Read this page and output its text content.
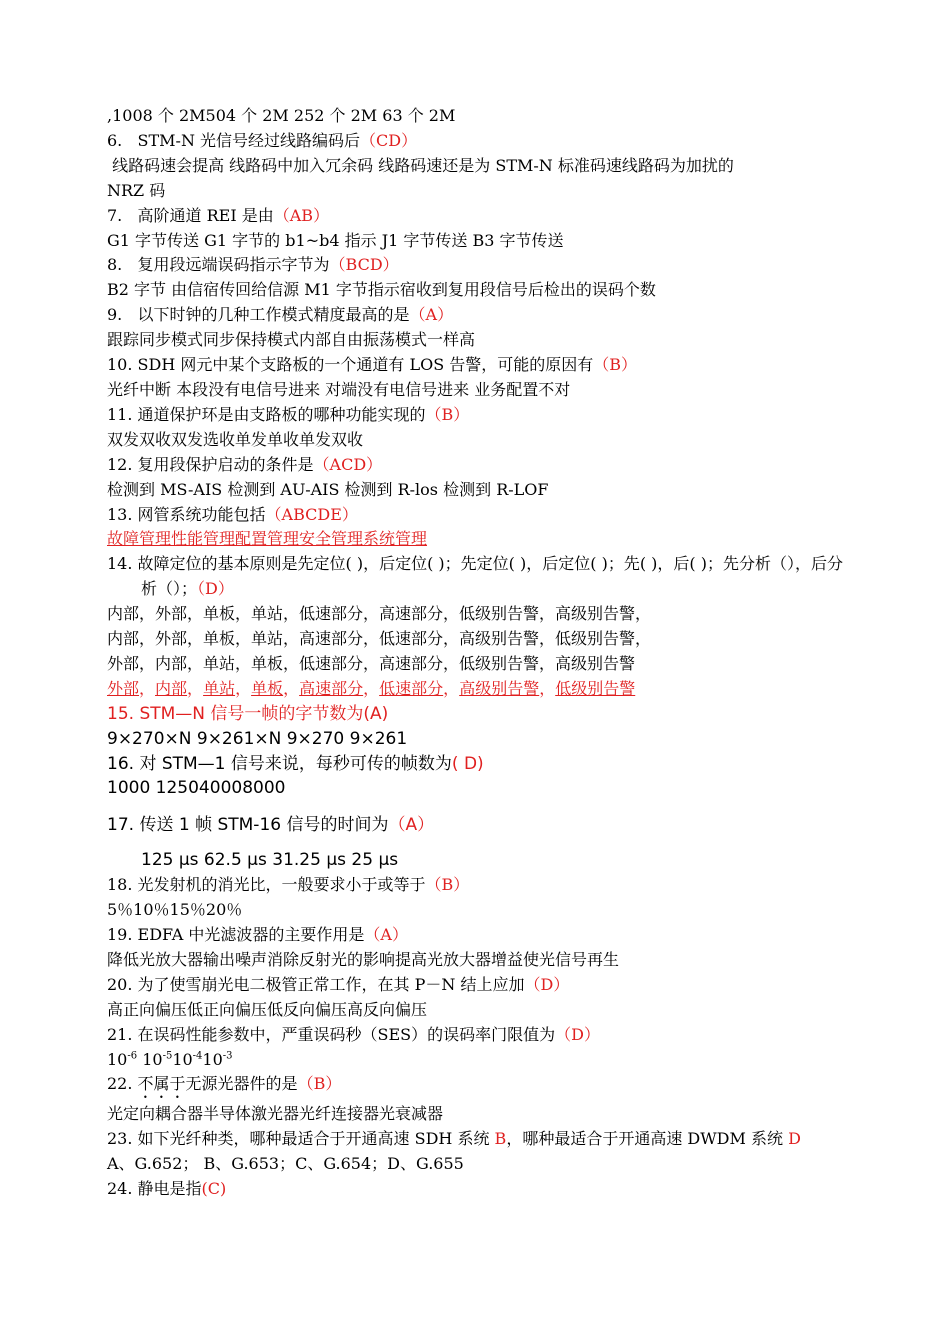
,1008 个 2M504 个 2M 252 个 2M 63 个 2M
6.   STM-N 光信号经过线路编码后（CD）
线路码速会提高 线路码中加入冗余码 线路码速还是为 STM-N 标准码速线路码为加扰的
NRZ 码
7.   高阶通道 REI 是由（AB）
G1 字节传送 G1 字节的 b1~b4 指示 J1 字节传送 B3 字节传送
8.   复用段远端误码指示字节为（BCD）
B2 字节 由信宿传回给信源 M1 字节指示宿收到复用段信号后检出的误码个数
9.   以下时钟的几种工作模式精度最高的是（A）
跟踪同步模式同步保持模式内部自由振荡模式一样高
10. SDH 网元中某个支路板的一个通道有 LOS 告警，可能的原因有（B）
光纤中断 本段没有电信号进来 对端没有电信号进来 业务配置不对
11. 通道保护环是由支路板的哪种功能实现的（B）
双发双收双发选收单发单收单发双收
12. 复用段保护启动的条件是（ACD）
检测到 MS-AIS 检测到 AU-AIS 检测到 R-los 检测到 R-LOF
13. 网管系统功能包括（ABCDE）
故障管理性能管理配置管理安全管理系统管理
14. 故障定位的基本原则是先定位( )，后定位( )；先定位( )，后定位( )；先( )，后( )；先分析（），后分析（）；（D）
内部，外部，单板，单站，低速部分，高速部分，低级别告警，高级别告警，
内部，外部，单板，单站，高速部分，低速部分，高级别告警，低级别告警，
外部，内部，单站，单板，低速部分，高速部分，低级别告警，高级别告警
外部，内部，单站，单板，高速部分，低速部分，高级别告警，低级别告警
15. STM—N 信号一帧的字节数为(A)
9×270×N 9×261×N 9×270 9×261
16. 对 STM—1 信号来说，每秒可传的帧数为( D)
1000 125040008000
17. 传送 1 帧 STM-16 信号的时间为（A）
125 μs 62.5 μs 31.25 μs 25 μs
18. 光发射机的消光比，一般要求小于或等于（B）
5％10％15％20％
19. EDFA 中光滤波器的主要作用是（A）
降低光放大器输出噪声消除反射光的影响提高光放大器增益使光信号再生
20. 为了使雪崩光电二极管正常工作，在其 P－N 结上应加（D）
高正向偏压低正向偏压低反向偏压高反向偏压
21. 在误码性能参数中，严重误码秒（SES）的误码率门限值为（D）
$10^{-6}$ $10^{-5}10^{-4}10^{-3}$
22. 不属于无源光器件的是（B）
光定向耦合器半导体激光器光纤连接器光衰减器
23. 如下光纤种类，哪种最适合于开通高速 SDH 系统 B，哪种最适合于开通高速 DWDM 系统 D
A、G.652； B、G.653；C、G.654；D、G.655
24. 静电是指(C)
